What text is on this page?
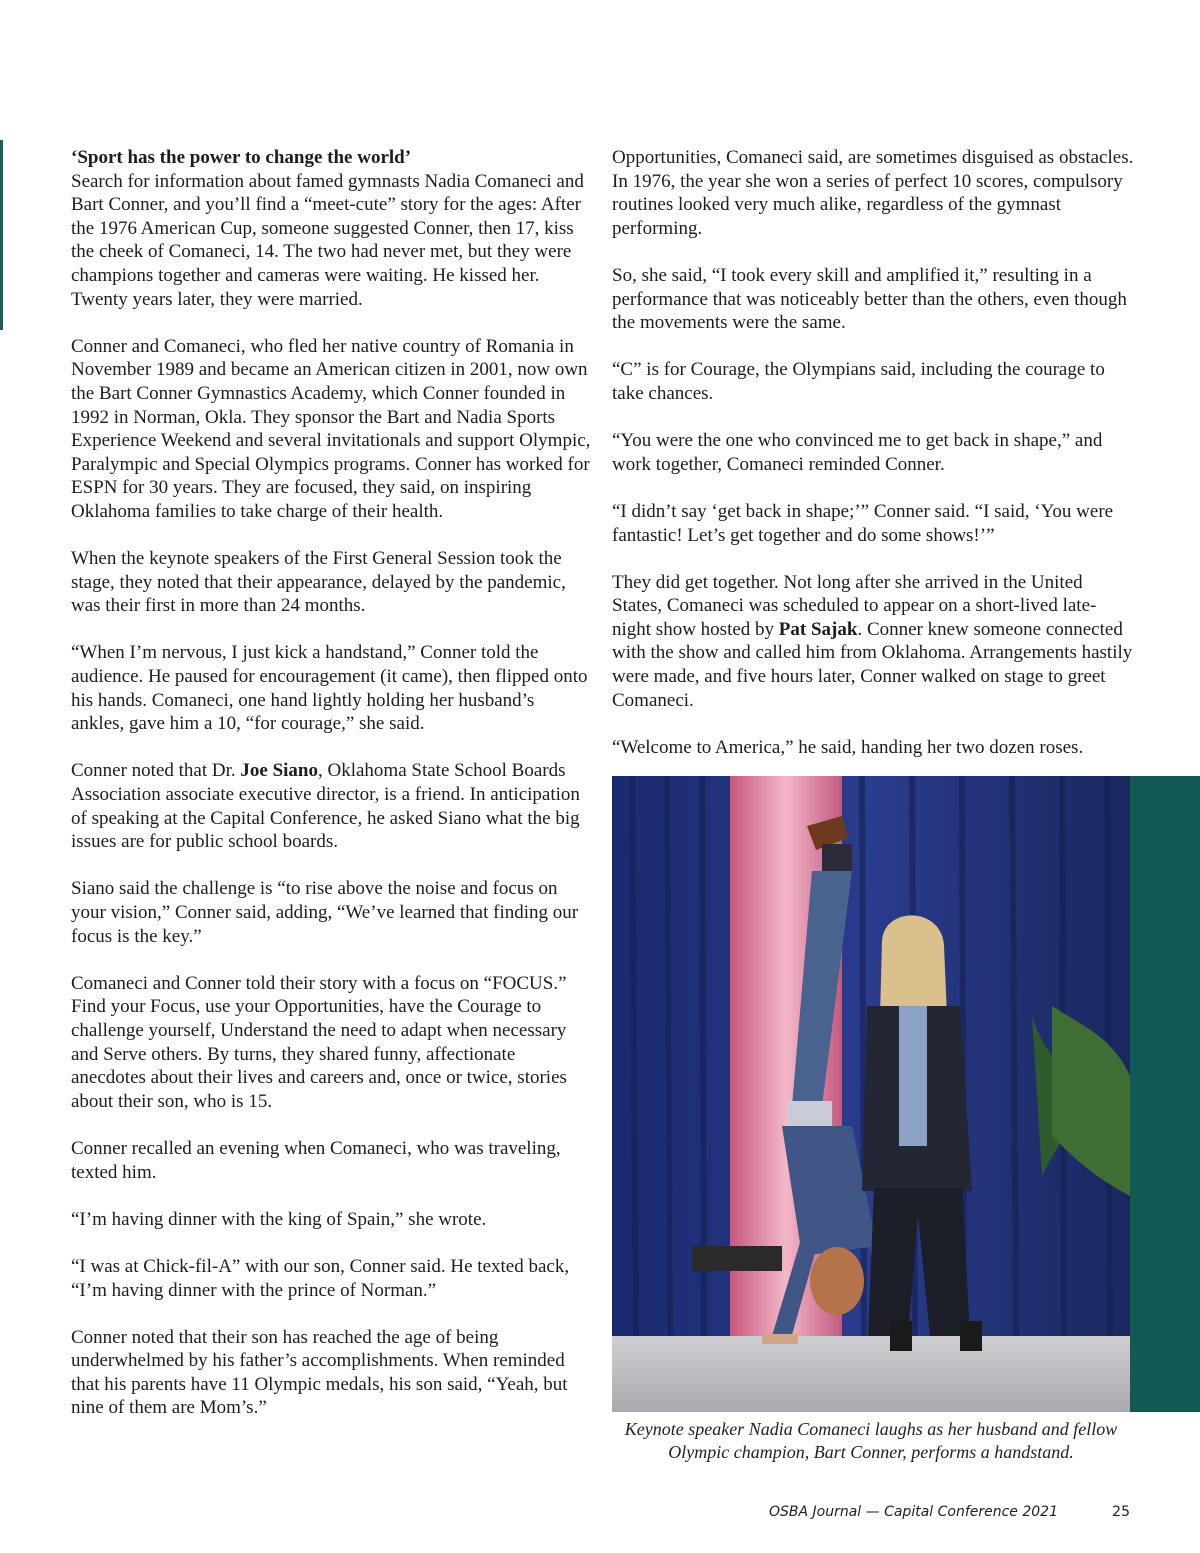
‘Sport has the power to change the world’

Search for information about famed gymnasts Nadia Comaneci and Bart Conner, and you’ll find a “meet-cute” story for the ages: After the 1976 American Cup, someone suggested Conner, then 17, kiss the cheek of Comaneci, 14. The two had never met, but they were champions together and cameras were waiting. He kissed her. Twenty years later, they were married.

Conner and Comaneci, who fled her native country of Romania in November 1989 and became an American citizen in 2001, now own the Bart Conner Gymnastics Academy, which Conner founded in 1992 in Norman, Okla. They sponsor the Bart and Nadia Sports Experience Weekend and several invitationals and support Olympic, Paralympic and Special Olympics programs. Conner has worked for ESPN for 30 years. They are focused, they said, on inspiring Oklahoma families to take charge of their health.

When the keynote speakers of the First General Session took the stage, they noted that their appearance, delayed by the pandemic, was their first in more than 24 months.

“When I’m nervous, I just kick a handstand,” Conner told the audience. He paused for encouragement (it came), then flipped onto his hands. Comaneci, one hand lightly holding her husband’s ankles, gave him a 10, “for courage,” she said.

Conner noted that Dr. Joe Siano, Oklahoma State School Boards Association associate executive director, is a friend. In anticipation of speaking at the Capital Conference, he asked Siano what the big issues are for public school boards.

Siano said the challenge is “to rise above the noise and focus on your vision,” Conner said, adding, “We’ve learned that finding our focus is the key.”

Comaneci and Conner told their story with a focus on “FOCUS.” Find your Focus, use your Opportunities, have the Courage to challenge yourself, Understand the need to adapt when necessary and Serve others. By turns, they shared funny, affectionate anecdotes about their lives and careers and, once or twice, stories about their son, who is 15.

Conner recalled an evening when Comaneci, who was traveling, texted him.

“I’m having dinner with the king of Spain,” she wrote.

“I was at Chick-fil-A” with our son, Conner said. He texted back, “I’m having dinner with the prince of Norman.”

Conner noted that their son has reached the age of being underwhelmed by his father’s accomplishments. When reminded that his parents have 11 Olympic medals, his son said, “Yeah, but nine of them are Mom’s.”

Opportunities, Comaneci said, are sometimes disguised as obstacles. In 1976, the year she won a series of perfect 10 scores, compulsory routines looked very much alike, regardless of the gymnast performing.

So, she said, “I took every skill and amplified it,” resulting in a performance that was noticeably better than the others, even though the movements were the same.

“C” is for Courage, the Olympians said, including the courage to take chances.

“You were the one who convinced me to get back in shape,” and work together, Comaneci reminded Conner.

“I didn’t say ‘get back in shape;’” Conner said. “I said, ‘You were fantastic! Let’s get together and do some shows!’”

They did get together. Not long after she arrived in the United States, Comaneci was scheduled to appear on a short-lived late-night show hosted by Pat Sajak. Conner knew someone connected with the show and called him from Oklahoma. Arrangements hastily were made, and five hours later, Conner walked on stage to greet Comaneci.

“Welcome to America,” he said, handing her two dozen roses.

Keynote speaker Nadia Comaneci laughs as her husband and fellow Olympic champion, Bart Conner, performs a handstand.
OSBA Journal — Capital Conference 2021	25
